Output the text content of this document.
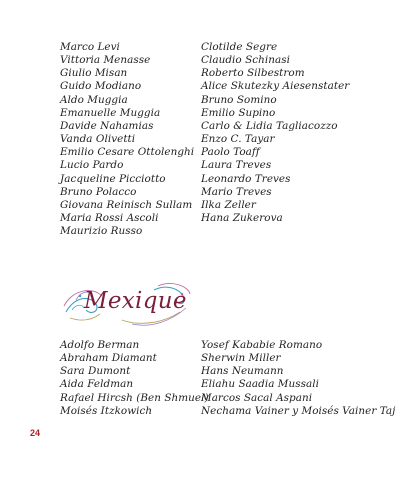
Marco Levi
Vittoria Menasse
Giulio Misan
Guido Modiano
Aldo Muggia
Emanuelle Muggia
Davide Nahamias
Vanda Olivetti
Emilio Cesare Ottolenghi
Lucio Pardo
Jacqueline Picciotto
Bruno Polacco
Giovana Reinisch Sullam
Maria Rossi Ascoli
Maurizio Russo
Clotilde Segre
Claudio Schinasi
Roberto Silbestrom
Alice Skutezky Aiesenstater
Bruno Somino
Emilio Supino
Carlo & Lidia Tagliacozzo
Enzo C. Tayar
Paolo Toaff
Laura Treves
Leonardo Treves
Mario Treves
Ilka Zeller
Hana Zukerova
Mexique
Adolfo Berman
Abraham Diamant
Sara Dumont
Aida Feldman
Rafael Hircsh (Ben Shmuel)
Moisés Itzkowich
Yosef Kababie Romano
Sherwin Miller
Hans Neumann
Eliahu Saadia Mussali
Marcos Sacal Aspani
Nechama Vainer y Moisés Vainer Taj
24
